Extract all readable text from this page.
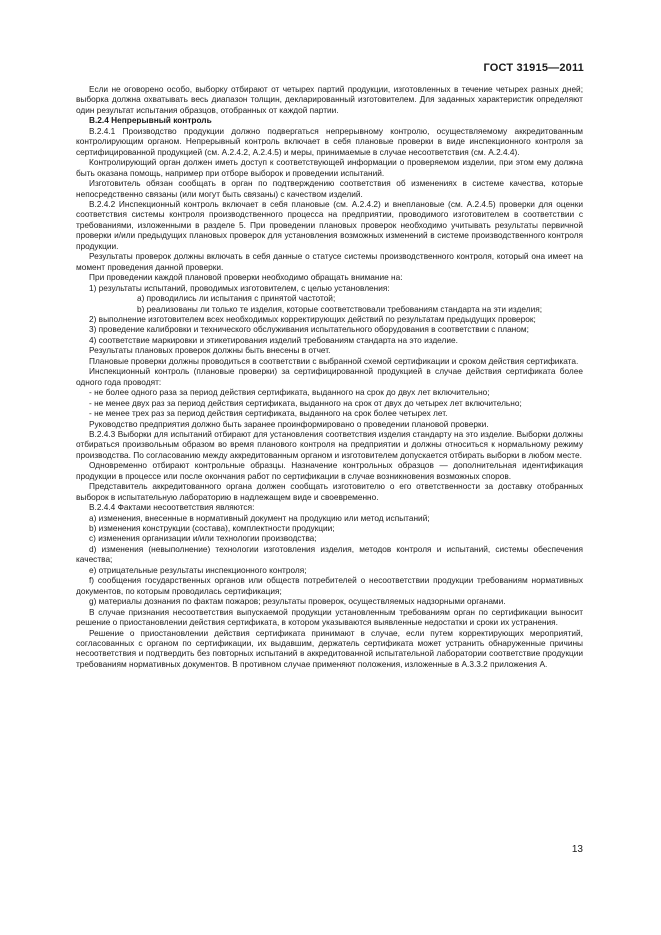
ГОСТ 31915—2011

Если не оговорено особо, выборку отбирают от четырех партий продукции, изготовленных в течение четырех разных дней; выборка должна охватывать весь диапазон толщин, декларированный изготовителем. Для заданных характеристик определяют один результат испытания образцов, отобранных от каждой партии.

В.2.4 Непрерывный контроль

В.2.4.1 Производство продукции должно подвергаться непрерывному контролю, осуществляемому аккредитованным контролирующим органом. Непрерывный контроль включает в себя плановые проверки в виде инспекционного контроля за сертифицированной продукцией (см. А.2.4.2, А.2.4.5) и меры, принимаемые в случае несоответствия (см. А.2.4.4).

Контролирующий орган должен иметь доступ к соответствующей информации о проверяемом изделии, при этом ему должна быть оказана помощь, например при отборе выборок и проведении испытаний.

Изготовитель обязан сообщать в орган по подтверждению соответствия об изменениях в системе качества, которые непосредственно связаны (или могут быть связаны) с качеством изделий.

В.2.4.2 Инспекционный контроль включает в себя плановые (см. А.2.4.2) и внеплановые (см. А.2.4.5) проверки для оценки соответствия системы контроля производственного процесса на предприятии, проводимого изготовителем в соответствии с требованиями, изложенными в разделе 5. При проведении плановых проверок необходимо учитывать результаты первичной проверки и/или предыдущих плановых проверок для установления возможных изменений в системе производственного контроля продукции.

Результаты проверок должны включать в себя данные о статусе системы производственного контроля, который она имеет на момент проведения данной проверки.

При проведении каждой плановой проверки необходимо обращать внимание на:

1) результаты испытаний, проводимых изготовителем, с целью установления:

а) проводились ли испытания с принятой частотой;

b) реализованы ли только те изделия, которые соответствовали требованиям стандарта на эти изделия;

2) выполнение изготовителем всех необходимых корректирующих действий по результатам предыдущих проверок;

3) проведение калибровки и технического обслуживания испытательного оборудования в соответствии с планом;

4) соответствие маркировки и этикетирования изделий требованиям стандарта на это изделие.

Результаты плановых проверок должны быть внесены в отчет.

Плановые проверки должны проводиться в соответствии с выбранной схемой сертификации и сроком действия сертификата.

Инспекционный контроль (плановые проверки) за сертифицированной продукцией в случае действия сертификата более одного года проводят:

- не более одного раза за период действия сертификата, выданного на срок до двух лет включительно;

- не менее двух раз за период действия сертификата, выданного на срок от двух до четырех лет включительно;

- не менее трех раз за период действия сертификата, выданного на срок более четырех лет.

Руководство предприятия должно быть заранее проинформировано о проведении плановой проверки.

В.2.4.3 Выборки для испытаний отбирают для установления соответствия изделия стандарту на это изделие. Выборки должны отбираться произвольным образом во время планового контроля на предприятии и должны относиться к нормальному режиму производства. По согласованию между аккредитованным органом и изготовителем допускается отбирать выборки в любом месте.

Одновременно отбирают контрольные образцы. Назначение контрольных образцов — дополнительная идентификация продукции в процессе или после окончания работ по сертификации в случае возникновения возможных споров.

Представитель аккредитованного органа должен сообщать изготовителю о его ответственности за доставку отобранных выборок в испытательную лабораторию в надлежащем виде и своевременно.

В.2.4.4 Фактами несоответствия являются:

a) изменения, внесенные в нормативный документ на продукцию или метод испытаний;

b) изменения конструкции (состава), комплектности продукции;

c) изменения организации и/или технологии производства;

d) изменения (невыполнение) технологии изготовления изделия, методов контроля и испытаний, системы обеспечения качества;

e) отрицательные результаты инспекционного контроля;

f) сообщения государственных органов или обществ потребителей о несоответствии продукции требованиям нормативных документов, по которым проводилась сертификация;

g) материалы дознания по фактам пожаров; результаты проверок, осуществляемых надзорными органами.

В случае признания несоответствия выпускаемой продукции установленным требованиям орган по сертификации выносит решение о приостановлении действия сертификата, в котором указываются выявленные недостатки и сроки их устранения.

Решение о приостановлении действия сертификата принимают в случае, если путем корректирующих мероприятий, согласованных с органом по сертификации, их выдавшим, держатель сертификата может устранить обнаруженные причины несоответствия и подтвердить без повторных испытаний в аккредитованной испытательной лаборатории соответствие продукции требованиям нормативных документов. В противном случае применяют положения, изложенные в А.3.3.2 приложения А.

13
